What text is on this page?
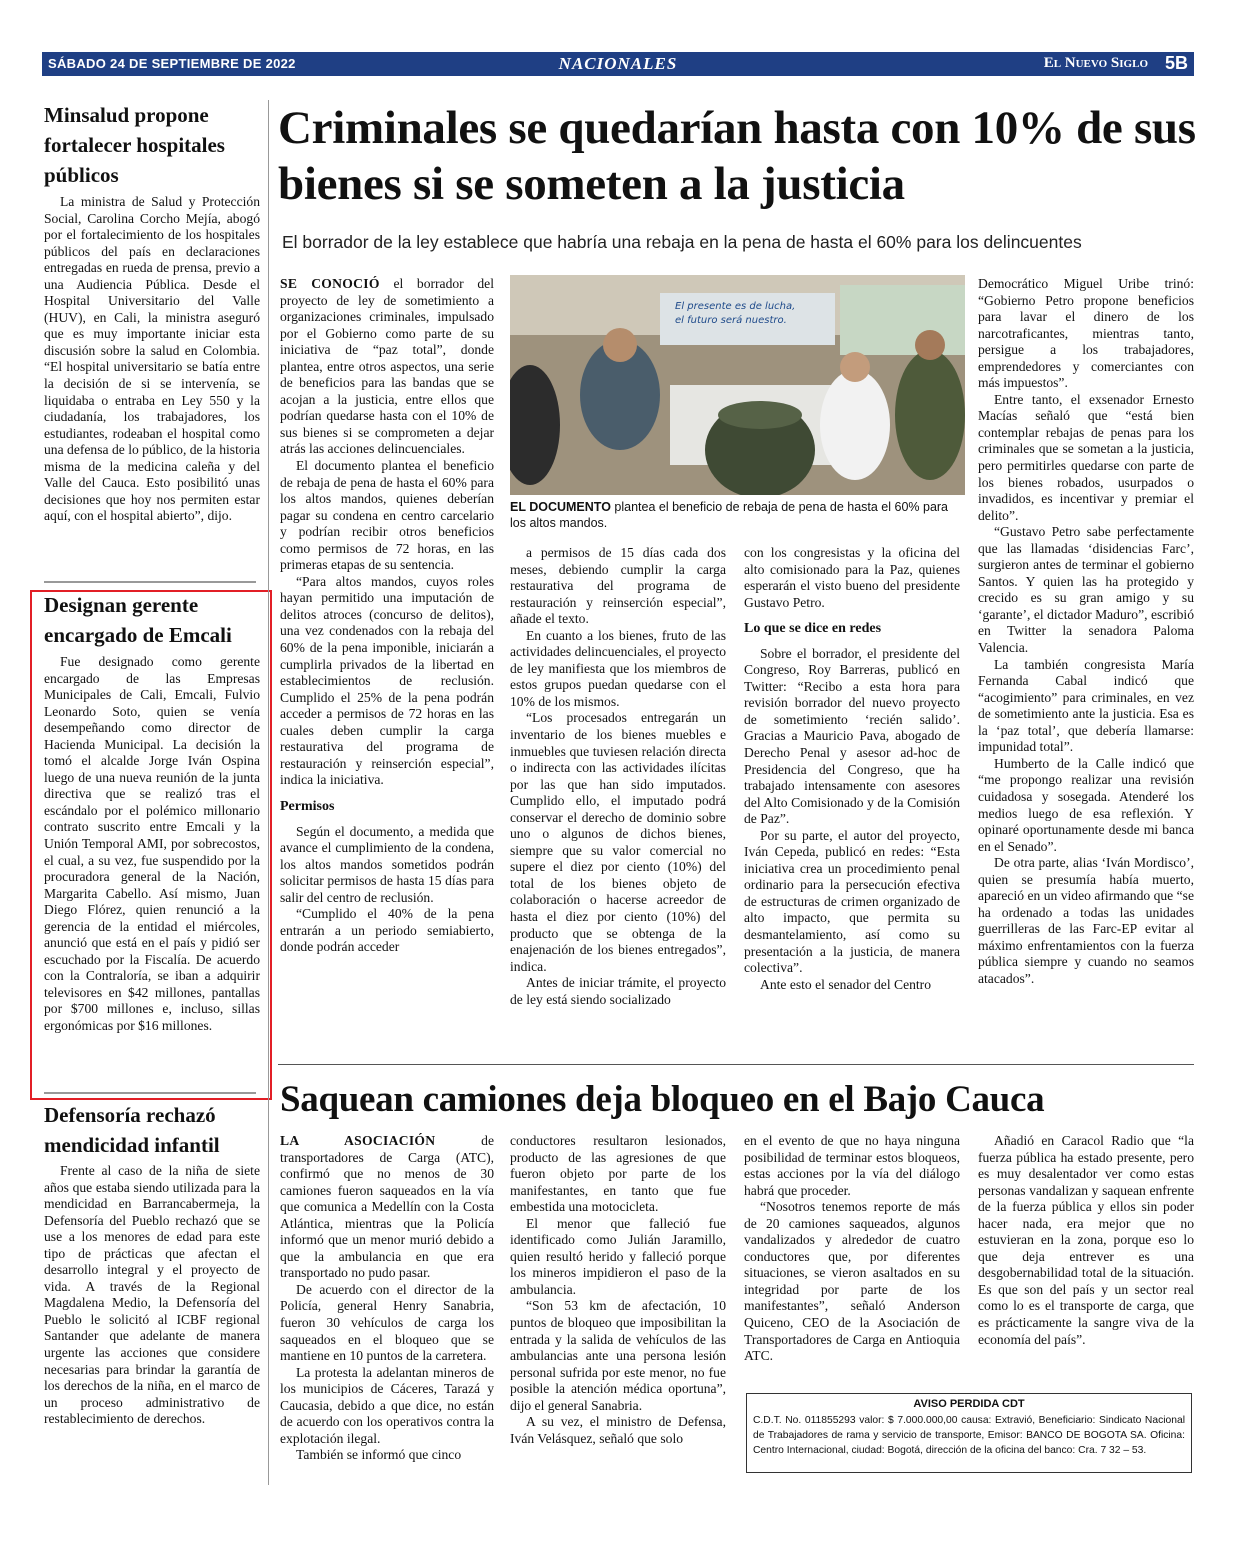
SÁBADO 24 DE SEPTIEMBRE DE 2022	NACIONALES	El Nuevo Siglo 5B
Minsalud propone fortalecer hospitales públicos

La ministra de Salud y Protección Social, Carolina Corcho Mejía, abogó por el fortalecimiento de los hospitales públicos del país en declaraciones entregadas en rueda de prensa, previo a una Audiencia Pública. Desde el Hospital Universitario del Valle (HUV), en Cali, la ministra aseguró que es muy importante iniciar esta discusión sobre la salud en Colombia. “El hospital universitario se batía entre la decisión de si se intervenía, se liquidaba o entraba en Ley 550 y la ciudadanía, los trabajadores, los estudiantes, rodeaban el hospital como una defensa de lo público, de la historia misma de la medicina caleña y del Valle del Cauca. Esto posibilitó unas decisiones que hoy nos permiten estar aquí, con el hospital abierto”, dijo.

Designan gerente encargado de Emcali

Fue designado como gerente encargado de las Empresas Municipales de Cali, Emcali, Fulvio Leonardo Soto, quien se venía desempeñando como director de Hacienda Municipal. La decisión la tomó el alcalde Jorge Iván Ospina luego de una nueva reunión de la junta directiva que se realizó tras el escándalo por el polémico millonario contrato suscrito entre Emcali y la Unión Temporal AMI, por sobrecostos, el cual, a su vez, fue suspendido por la procuradora general de la Nación, Margarita Cabello. Así mismo, Juan Diego Flórez, quien renunció a la gerencia de la entidad el miércoles, anunció que está en el país y pidió ser escuchado por la Fiscalía. De acuerdo con la Contraloría, se iban a adquirir televisores en $42 millones, pantallas por $700 millones e, incluso, sillas ergonómicas por $16 millones.

Defensoría rechazó mendicidad infantil

Frente al caso de la niña de siete años que estaba siendo utilizada para la mendicidad en Barrancabermeja, la Defensoría del Pueblo rechazó que se use a los menores de edad para este tipo de prácticas que afectan el desarrollo integral y el proyecto de vida. A través de la Regional Magdalena Medio, la Defensoría del Pueblo le solicitó al ICBF regional Santander que adelante de manera urgente las acciones que considere necesarias para brindar la garantía de los derechos de la niña, en el marco de un proceso administrativo de restablecimiento de derechos.

Criminales se quedarían hasta con 10% de sus bienes si se someten a la justicia
El borrador de la ley establece que habría una rebaja en la pena de hasta el 60% para los delincuentes

SE CONOCIÓ el borrador del proyecto de ley de sometimiento a organizaciones criminales, impulsado por el Gobierno como parte de su iniciativa de “paz total”, donde plantea, entre otros aspectos, una serie de beneficios para las bandas que se acojan a la justicia, entre ellos que podrían quedarse hasta con el 10% de sus bienes si se comprometen a dejar atrás las acciones delincuenciales.

El documento plantea el beneficio de rebaja de pena de hasta el 60% para los altos mandos, quienes deberían pagar su condena en centro carcelario y podrían recibir otros beneficios como permisos de 72 horas, en las primeras etapas de su sentencia.

“Para altos mandos, cuyos roles hayan permitido una imputación de delitos atroces (concurso de delitos), una vez condenados con la rebaja del 60% de la pena imponible, iniciarán a cumplirla privados de la libertad en establecimientos de reclusión. Cumplido el 25% de la pena podrán acceder a permisos de 72 horas en las cuales deben cumplir la carga restaurativa del programa de restauración y reinserción especial”, indica la iniciativa.

Permisos

Según el documento, a medida que avance el cumplimiento de la condena, los altos mandos sometidos podrán solicitar permisos de hasta 15 días para salir del centro de reclusión.

“Cumplido el 40% de la pena entrarán a un periodo semiabierto, donde podrán acceder

El presente es de lucha,
el futuro será nuestro.
EL DOCUMENTO plantea el beneficio de rebaja de pena de hasta el 60% para los altos mandos.

a permisos de 15 días cada dos meses, debiendo cumplir la carga restaurativa del programa de restauración y reinserción especial”, añade el texto.

En cuanto a los bienes, fruto de las actividades delincuenciales, el proyecto de ley manifiesta que los miembros de estos grupos puedan quedarse con el 10% de los mismos.

“Los procesados entregarán un inventario de los bienes muebles e inmuebles que tuviesen relación directa o indirecta con las actividades ilícitas por las que han sido imputados. Cumplido ello, el imputado podrá conservar el derecho de dominio sobre uno o algunos de dichos bienes, siempre que su valor comercial no supere el diez por ciento (10%) del total de los bienes objeto de colaboración o hacerse acreedor de hasta el diez por ciento (10%) del producto que se obtenga de la enajenación de los bienes entregados”, indica.

Antes de iniciar trámite, el proyecto de ley está siendo socializado

con los congresistas y la oficina del alto comisionado para la Paz, quienes esperarán el visto bueno del presidente Gustavo Petro.

Lo que se dice en redes

Sobre el borrador, el presidente del Congreso, Roy Barreras, publicó en Twitter: “Recibo a esta hora para revisión borrador del nuevo proyecto de sometimiento ‘recién salido’. Gracias a Mauricio Pava, abogado de Derecho Penal y asesor ad-hoc de Presidencia del Congreso, que ha trabajado intensamente con asesores del Alto Comisionado y de la Comisión de Paz”.

Por su parte, el autor del proyecto, Iván Cepeda, publicó en redes: “Esta iniciativa crea un procedimiento penal ordinario para la persecución efectiva de estructuras de crimen organizado de alto impacto, que permita su desmantelamiento, así como su presentación a la justicia, de manera colectiva”.

Ante esto el senador del Centro

Democrático Miguel Uribe trinó: “Gobierno Petro propone beneficios para lavar el dinero de los narcotraficantes, mientras tanto, persigue a los trabajadores, emprendedores y comerciantes con más impuestos”.

Entre tanto, el exsenador Ernesto Macías señaló que “está bien contemplar rebajas de penas para los criminales que se sometan a la justicia, pero permitirles quedarse con parte de los bienes robados, usurpados o invadidos, es incentivar y premiar el delito”.

“Gustavo Petro sabe perfectamente que las llamadas ‘disidencias Farc’, surgieron antes de terminar el gobierno Santos. Y quien las ha protegido y crecido es su gran amigo y su ‘garante’, el dictador Maduro”, escribió en Twitter la senadora Paloma Valencia.

La también congresista María Fernanda Cabal indicó que “acogimiento” para criminales, en vez de sometimiento ante la justicia. Esa es la ‘paz total’, que debería llamarse: impunidad total”.

Humberto de la Calle indicó que “me propongo realizar una revisión cuidadosa y sosegada. Atenderé los medios luego de esa reflexión. Y opinaré oportunamente desde mi banca en el Senado”.

De otra parte, alias ‘Iván Mordisco’, quien se presumía había muerto, apareció en un video afirmando que “se ha ordenado a todas las unidades guerrilleras de las Farc-EP evitar al máximo enfrentamientos con la fuerza pública siempre y cuando no seamos atacados”.

Saquean camiones deja bloqueo en el Bajo Cauca

LA ASOCIACIÓN	de transportadores de Carga (ATC), confirmó que no menos de 30 camiones fueron saqueados en la vía que comunica a Medellín con la Costa Atlántica, mientras que la Policía informó que un menor murió debido a que la ambulancia en que era transportado no pudo pasar.

De acuerdo con el director de la Policía, general Henry Sanabria, fueron 30 vehículos de carga los saqueados en el bloqueo que se mantiene en 10 puntos de la carretera.

La protesta la adelantan mineros de los municipios de Cáceres, Tarazá y Caucasia, debido a que dice, no están de acuerdo con los operativos contra la explotación ilegal.

También se informó que cinco

conductores resultaron lesionados, producto de las agresiones de que fueron objeto por parte de los manifestantes, en tanto que fue embestida una motocicleta.

El menor que falleció fue identificado como Julián Jaramillo, quien resultó herido y falleció porque los mineros impidieron el paso de la ambulancia.

“Son 53 km de afectación, 10 puntos de bloqueo que imposibilitan la entrada y la salida de vehículos de las ambulancias ante una persona lesión personal sufrida por este menor, no fue posible la atención médica oportuna”, dijo el general Sanabria.

A su vez, el ministro de Defensa, Iván Velásquez, señaló que solo

en el evento de que no haya ninguna posibilidad de terminar estos bloqueos, estas acciones por la vía del diálogo habrá que proceder.

“Nosotros tenemos reporte de más de 20 camiones saqueados, algunos vandalizados y alrededor de cuatro conductores que, por diferentes situaciones, se vieron asaltados en su integridad por parte de los manifestantes”, señaló Anderson Quiceno, CEO de la Asociación de Transportadores de Carga en Antioquia ATC.

Añadió en Caracol Radio que “la fuerza pública ha estado presente, pero es muy desalentador ver como estas personas vandalizan y saquean enfrente de la fuerza pública y ellos sin poder hacer nada, era mejor que no estuvieran en la zona, porque eso lo que deja entrever es una desgobernabilidad total de la situación. Es que son del país y un sector real como lo es el transporte de carga, que es prácticamente la sangre viva de la economía del país”.

AVISO PERDIDA CDT
C.D.T. No. 011855293 valor: $ 7.000.000,00 causa: Extravió, Beneficiario: Sindicato Nacional de Trabajadores de rama y servicio de transporte, Emisor: BANCO DE BOGOTA SA. Oficina: Centro Internacional, ciudad: Bogotá, dirección de la oficina del banco: Cra. 7 32 – 53.
